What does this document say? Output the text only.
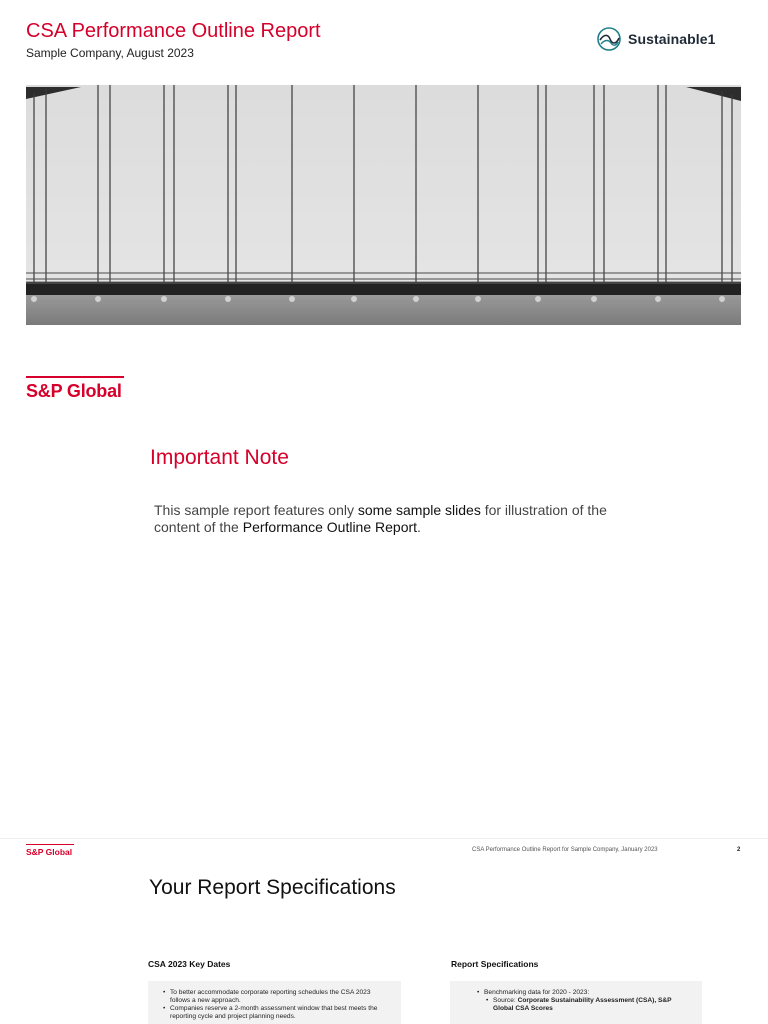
CSA Performance Outline Report
Sample Company, August 2023
Sustainable1
S&P Global
Important Note

This sample report features only some sample slides for illustration of the content of the Performance Outline Report.

S&P Global	CSA Performance Outline Report for Sample Company, January 2023	2
Your Report Specifications
CSA 2023 Key Dates	Report Specifications
• To better accommodate corporate reporting schedules the CSA 2023 follows a new approach.
• Companies reserve a 2-month assessment window that best meets the reporting cycle and project planning needs.
• Benchmarking data for 2020 - 2023:
• Source: Corporate Sustainability Assessment (CSA), S&P Global CSA Scores
